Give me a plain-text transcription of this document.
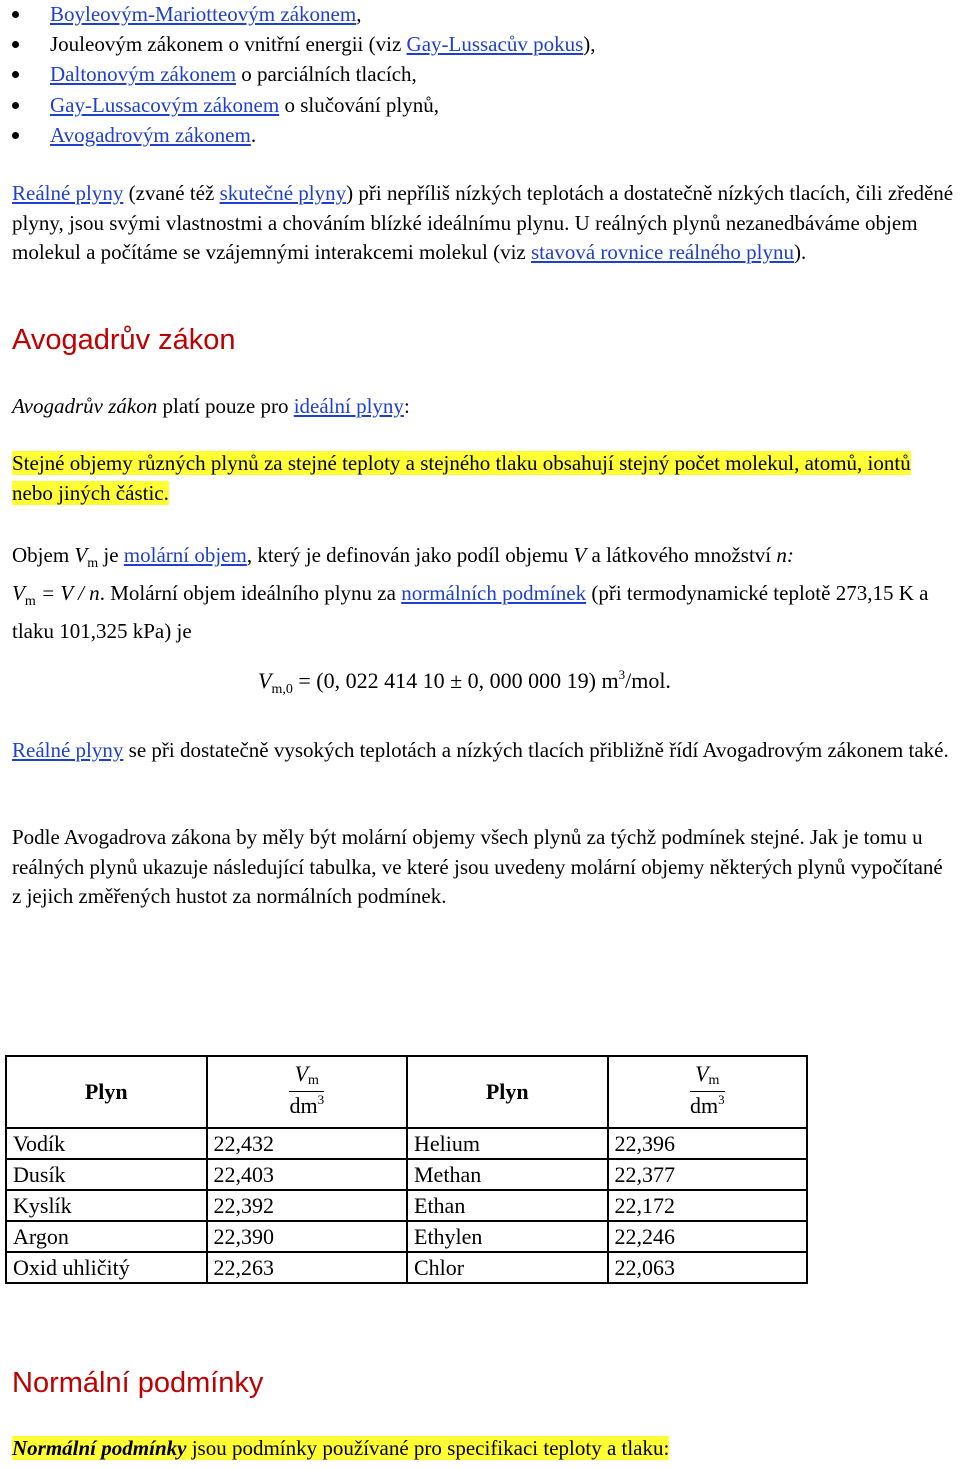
Boyleovým-Mariotteovým zákonem,
Jouleovým zákonem o vnitřní energii (viz Gay-Lussacův pokus),
Daltonovým zákonem o parciálních tlacích,
Gay-Lussacovým zákonem o slučování plynů,
Avogadrovým zákonem.

Reálné plyny (zvané též skutečné plyny) při nepříliš nízkých teplotách a dostatečně nízkých tlacích, čili zředěné plyny, jsou svými vlastnostmi a chováním blízké ideálnímu plynu. U reálných plynů nezanedbáváme objem molekul a počítáme se vzájemnými interakcemi molekul (viz stavová rovnice reálného plynu).

Avogadrův zákon

Avogadrův zákon platí pouze pro ideální plyny:

Stejné objemy různých plynů za stejné teploty a stejného tlaku obsahují stejný počet molekul, atomů, iontů nebo jiných částic.

Objem $V_m$ je molární objem, který je definován jako podíl objemu V a látkového množství n:
$V_m = V / n$. Molární objem ideálního plynu za normálních podmínek (při termodynamické teplotě 273,15 K a tlaku 101,325 kPa) je

$V_{m,0} = (0$, 022 414 10 ± 0, 000 000 19) $m^3$/mol.

Reálné plyny se při dostatečně vysokých teplotách a nízkých tlacích přibližně řídí Avogadrovým zákonem také.

Podle Avogadrova zákona by měly být molární objemy všech plynů za týchž podmínek stejné. Jak je tomu u reálných plynů ukazuje následující tabulka, ve které jsou uvedeny molární objemy některých plynů vypočítané z jejich změřených hustot za normálních podmínek.

Plyn	$\frac{Vm}{dm^3}$	Plyn	$\frac{Vm}{dm^3}$

Vodík	22,432	Helium	22,396
Dusík	22,403	Methan	22,377
Kyslík	22,392	Ethan	22,172
Argon	22,390	Ethylen	22,246
Oxid uhličitý	22,263	Chlor	22,063
Normální podmínky

Normální podmínky jsou podmínky používané pro specifikaci teploty a tlaku:
